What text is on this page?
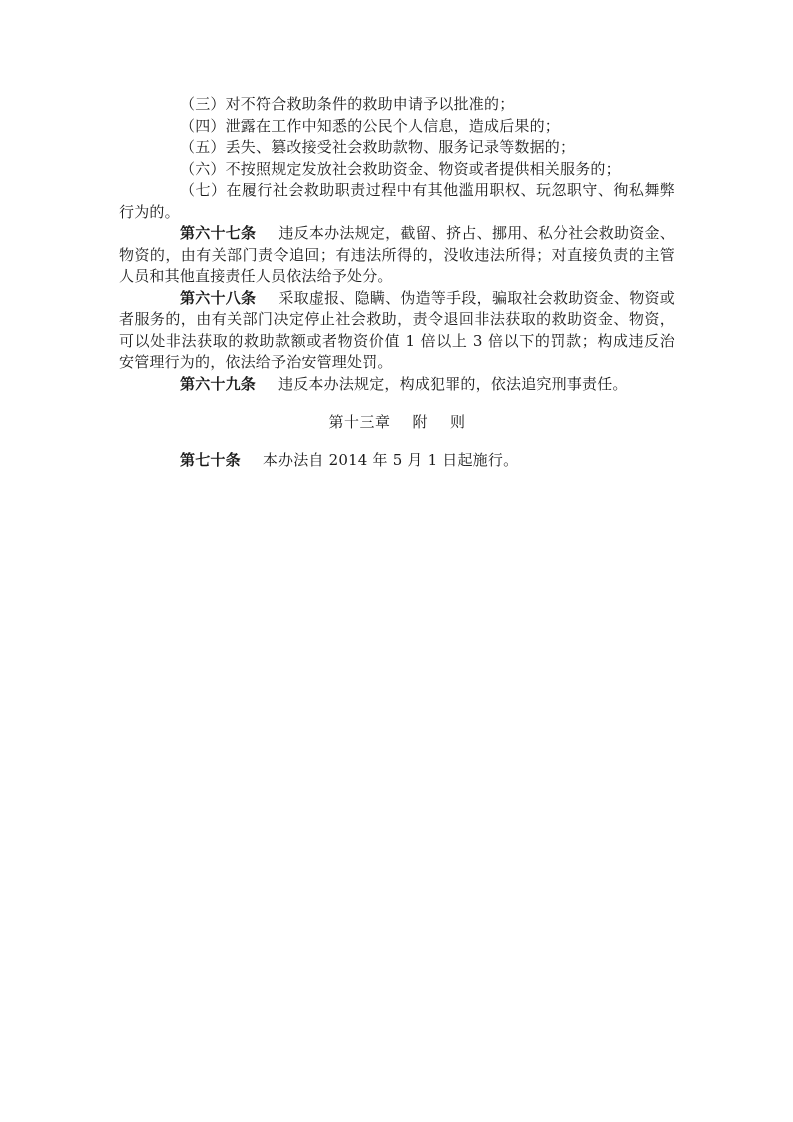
（三）对不符合救助条件的救助申请予以批准的；

（四）泄露在工作中知悉的公民个人信息，造成后果的；

（五）丢失、篡改接受社会救助款物、服务记录等数据的；

（六）不按照规定发放社会救助资金、物资或者提供相关服务的；

（七）在履行社会救助职责过程中有其他滥用职权、玩忽职守、徇私舞弊行为的。

第六十七条 违反本办法规定，截留、挤占、挪用、私分社会救助资金、物资的，由有关部门责令追回；有违法所得的，没收违法所得；对直接负责的主管人员和其他直接责任人员依法给予处分。

第六十八条 采取虚报、隐瞒、伪造等手段，骗取社会救助资金、物资或者服务的，由有关部门决定停止社会救助，责令退回非法获取的救助资金、物资，可以处非法获取的救助款额或者物资价值 1 倍以上 3 倍以下的罚款；构成违反治安管理行为的，依法给予治安管理处罚。

第六十九条 违反本办法规定，构成犯罪的，依法追究刑事责任。

第十三章 附 则

第七十条 本办法自 2014 年 5 月 1 日起施行。
